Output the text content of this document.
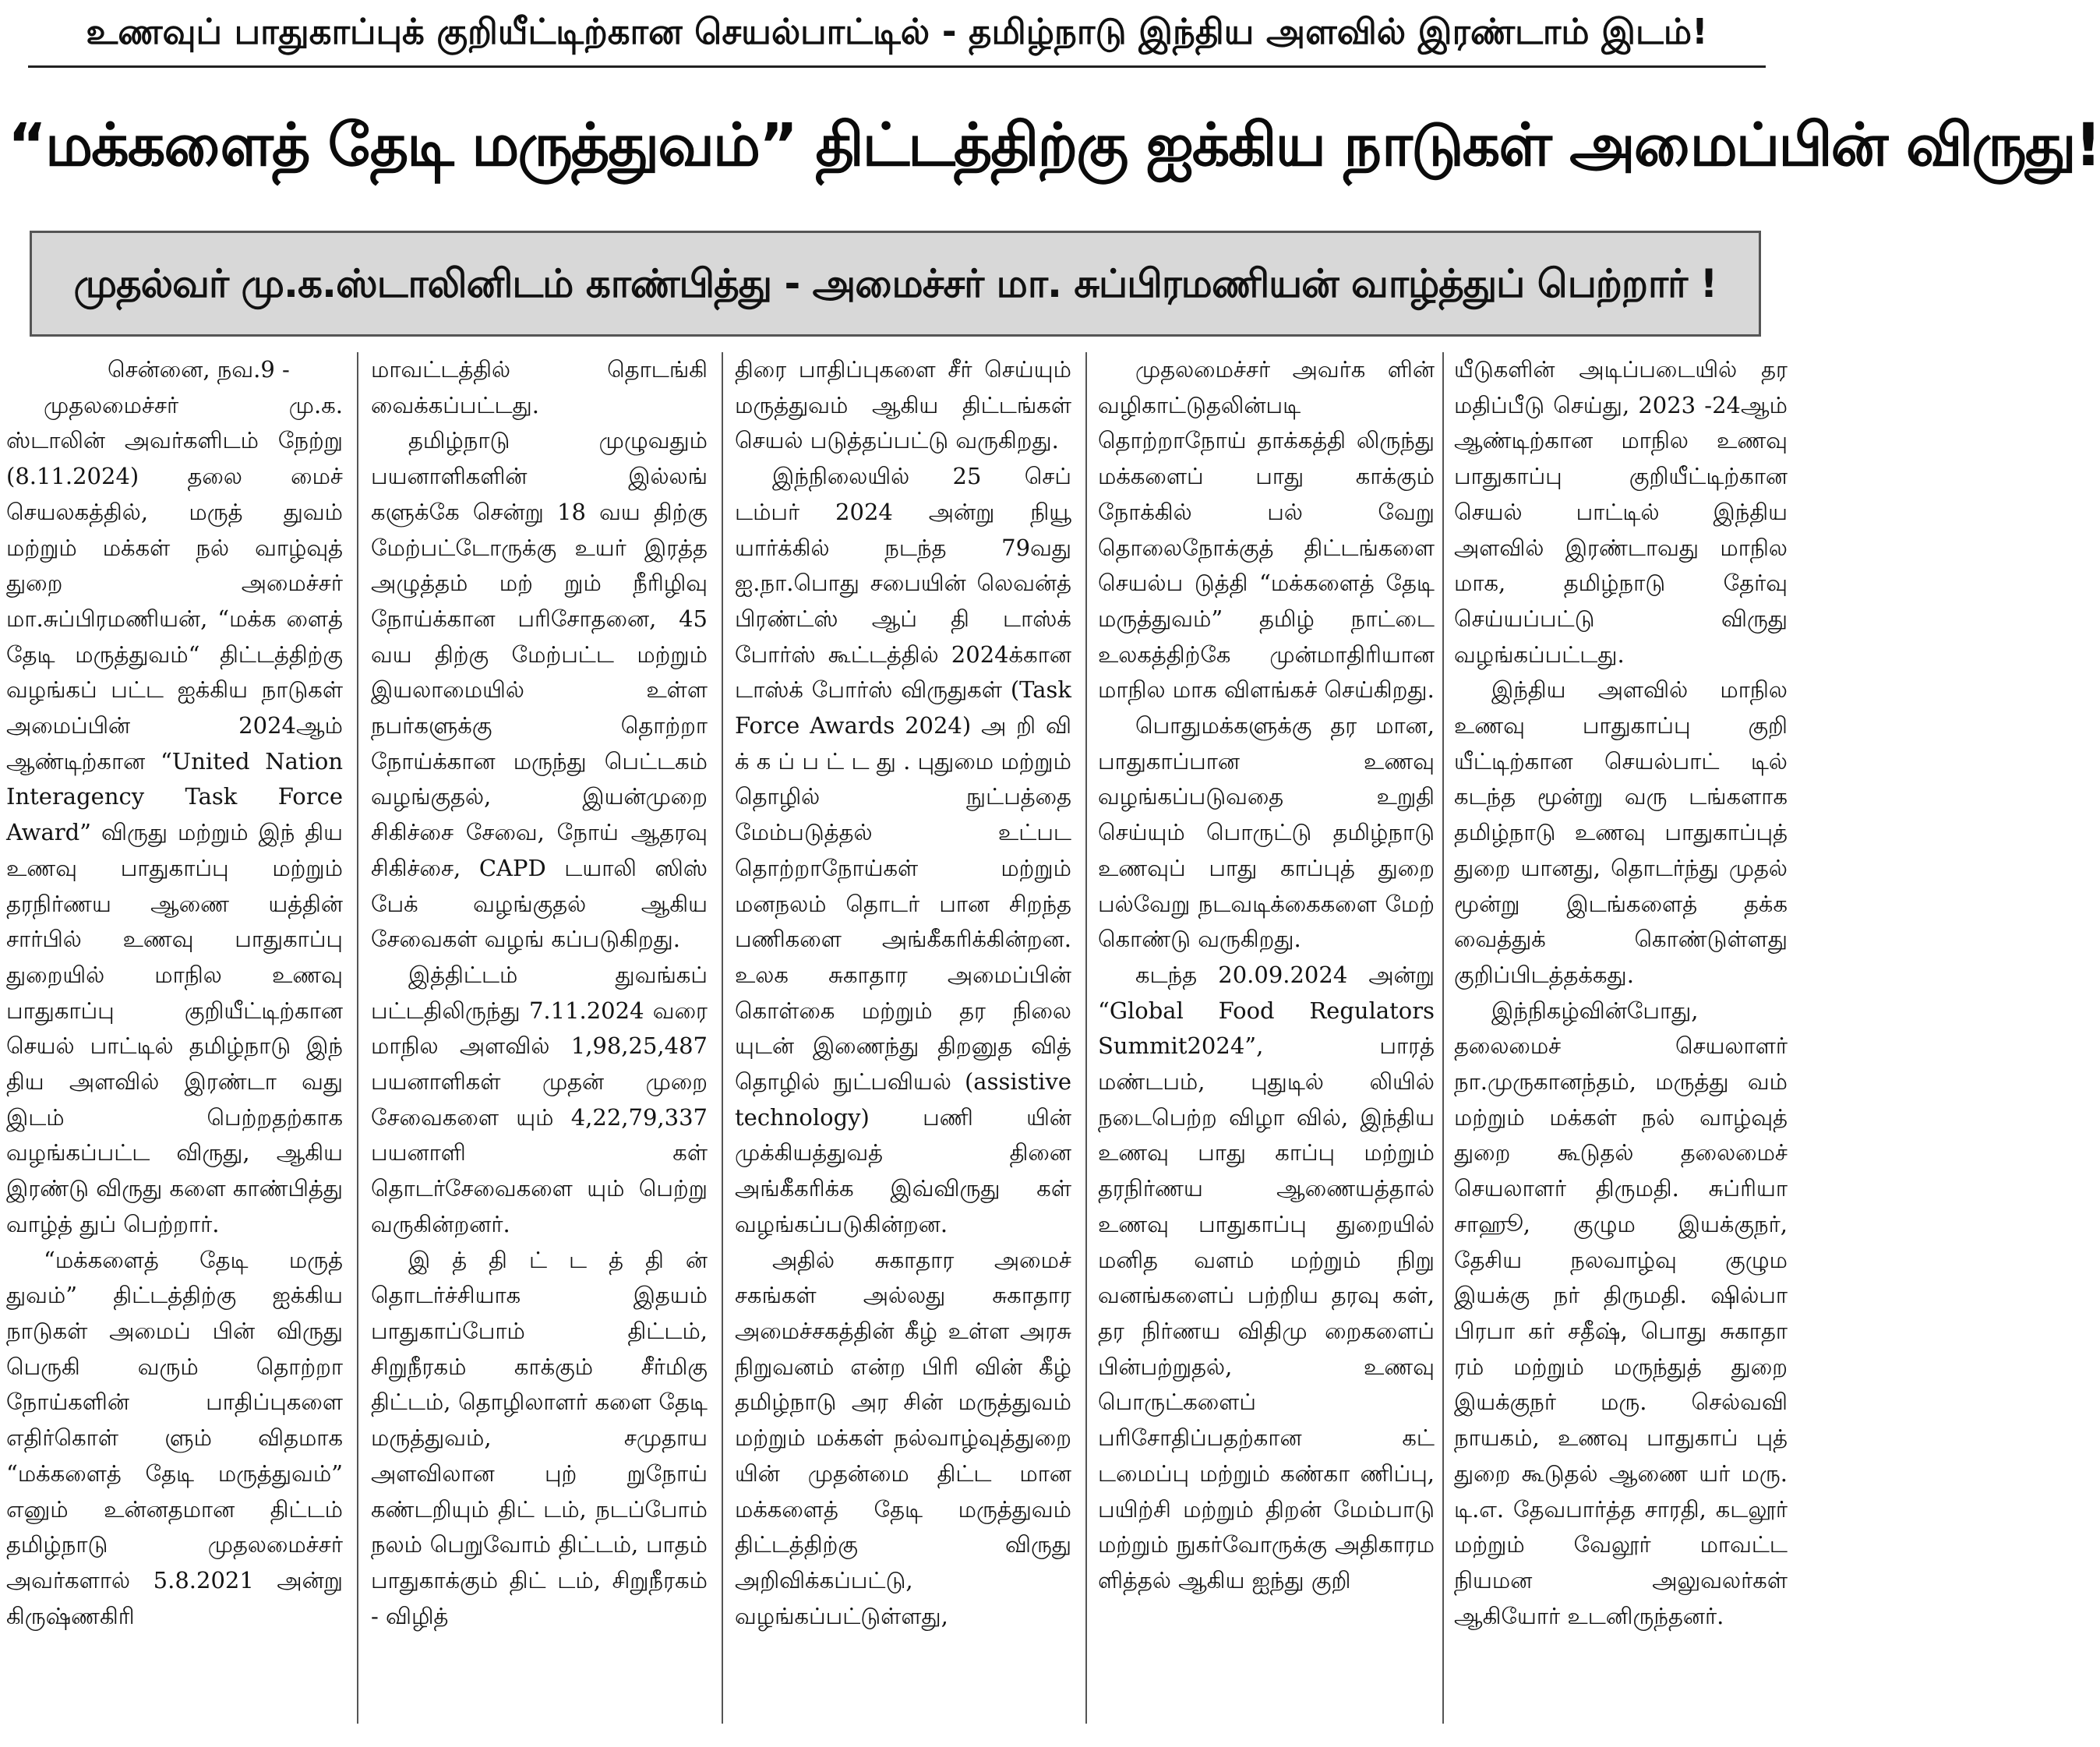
உணவுப் பாதுகாப்புக் குறியீட்டிற்கான செயல்பாட்டில் - தமிழ்நாடு இந்திய அளவில் இரண்டாம் இடம்!
“மக்களைத் தேடி மருத்துவம்” திட்டத்திற்கு ஐக்கிய நாடுகள் அமைப்பின் விருது!
முதல்வர் மு.க.ஸ்டாலினிடம் காண்பித்து - அமைச்சர் மா. சுப்பிரமணியன் வாழ்த்துப் பெற்றார் !

சென்னை, நவ.9 -

முதலமைச்சர் மு.க. ஸ்டாலின் அவர்களிடம் நேற்று (8.11.2024) தலை மைச் செயலகத்தில், மருத் துவம் மற்றும் மக்கள் நல் வாழ்வுத் துறை அமைச்சர் மா.சுப்பிரமணியன், “மக்க ளைத் தேடி மருத்துவம்“ திட்டத்திற்கு வழங்கப் பட்ட ஐக்கிய நாடுகள் அமைப்பின் 2024ஆம் ஆண்டிற்கான “United Nation Interagency Task Force Award” விருது மற்றும் இந் திய உணவு பாதுகாப்பு மற்றும் தரநிர்ணய ஆணை யத்தின் சார்பில் உணவு பாதுகாப்பு துறையில் மாநில உணவு பாதுகாப்பு குறியீட்டிற்கான செயல் பாட்டில் தமிழ்நாடு இந் திய அளவில் இரண்டா வது இடம் பெற்றதற்காக வழங்கப்பட்ட விருது, ஆகிய இரண்டு விருது களை காண்பித்து வாழ்த் துப் பெற்றார்.

“மக்களைத் தேடி மருத் துவம்” திட்டத்திற்கு ஐக்கிய நாடுகள் அமைப் பின் விருது பெருகி வரும் தொற்றா நோய்களின் பாதிப்புகளை எதிர்கொள் ளும் விதமாக “மக்களைத் தேடி மருத்துவம்” எனும் உன்னதமான திட்டம் தமிழ்நாடு முதலமைச்சர் அவர்களால் 5.8.2021 அன்று கிருஷ்ணகிரி

மாவட்டத்தில் தொடங்கி வைக்கப்பட்டது.

தமிழ்நாடு முழுவதும் பயனாளிகளின் இல்லங் களுக்கே சென்று 18 வய திற்கு மேற்பட்டோருக்கு உயர் இரத்த அழுத்தம் மற் றும் நீரிழிவு நோய்க்கான பரிசோதனை, 45 வய திற்கு மேற்பட்ட மற்றும் இயலாமையில் உள்ள நபர்களுக்கு தொற்றா நோய்க்கான மருந்து பெட்டகம் வழங்குதல், இயன்முறை சிகிச்சை சேவை, நோய் ஆதரவு சிகிச்சை, CAPD டயாலி ஸிஸ் பேக் வழங்குதல் ஆகிய சேவைகள் வழங் கப்படுகிறது.

இத்திட்டம் துவங்கப் பட்டதிலிருந்து 7.11.2024 வரை மாநில அளவில் 1,98,25,487 பயனாளிகள் முதன் முறை சேவைகளை யும் 4,22,79,337 பயனாளி கள் தொடர்சேவைகளை யும் பெற்று வருகின்றனர்.

இ த் தி ட் ட த் தி ன் தொடர்ச்சியாக இதயம் பாதுகாப்போம் திட்டம், சிறுநீரகம் காக்கும் சீர்மிகு திட்டம், தொழிலாளர் களை தேடி மருத்துவம், சமுதாய அளவிலான புற் றுநோய் கண்டறியும் திட் டம், நடப்போம் நலம் பெறுவோம் திட்டம், பாதம் பாதுகாக்கும் திட் டம், சிறுநீரகம் - விழித்

திரை பாதிப்புகளை சீர் செய்யும் மருத்துவம் ஆகிய திட்டங்கள் செயல் படுத்தப்பட்டு வருகிறது.

இந்நிலையில் 25 செப் டம்பர் 2024 அன்று நியூ யார்க்கில் நடந்த 79வது ஐ.நா.பொது சபையின் லெவன்த் பிரண்ட்ஸ் ஆப் தி டாஸ்க் போர்ஸ் கூட்டத்தில் 2024க்கான டாஸ்க் போர்ஸ் விருதுகள் (Task Force Awards 2024) அ றி வி க் க ப் ப ட் ட து . புதுமை மற்றும் தொழில் நுட்பத்தை மேம்படுத்தல் உட்பட தொற்றாநோய்கள் மற்றும் மனநலம் தொடர் பான சிறந்த பணிகளை அங்கீகரிக்கின்றன. உலக சுகாதார அமைப்பின் கொள்கை மற்றும் தர நிலை யுடன் இணைந்து திறனுத வித் தொழில் நுட்பவியல் (assistive technology) பணி யின் முக்கியத்துவத் தினை அங்கீகரிக்க இவ்விருது கள் வழங்கப்படுகின்றன.

அதில் சுகாதார அமைச் சகங்கள் அல்லது சுகாதார அமைச்சகத்தின் கீழ் உள்ள அரசு நிறுவனம் என்ற பிரி வின் கீழ் தமிழ்நாடு அர சின் மருத்துவம் மற்றும் மக்கள் நல்வாழ்வுத்துறை யின் முதன்மை திட்ட மான மக்களைத் தேடி மருத்துவம் திட்டத்திற்கு விருது அறிவிக்கப்பட்டு, வழங்கப்பட்டுள்ளது,

முதலமைச்சர் அவர்க ளின் வழிகாட்டுதலின்படி தொற்றாநோய் தாக்கத்தி லிருந்து மக்களைப் பாது காக்கும் நோக்கில் பல் வேறு தொலைநோக்குத் திட்டங்களை செயல்ப டுத்தி “மக்களைத் தேடி மருத்துவம்” தமிழ் நாட்டை உலகத்திற்கே முன்மாதிரியான மாநில மாக விளங்கச் செய்கிறது.

பொதுமக்களுக்கு தர மான, பாதுகாப்பான உணவு வழங்கப்படுவதை உறுதி செய்யும் பொருட்டு தமிழ்நாடு உணவுப் பாது காப்புத் துறை பல்வேறு நடவடிக்கைகளை மேற் கொண்டு வருகிறது.

கடந்த 20.09.2024 அன்று “Global Food Regulators Summit2024”, பாரத் மண்டபம், புதுடில் லியில் நடைபெற்ற விழா வில், இந்திய உணவு பாது காப்பு மற்றும் தரநிர்ணய ஆணையத்தால் உணவு பாதுகாப்பு துறையில் மனித வளம் மற்றும் நிறு வனங்களைப் பற்றிய தரவு கள், தர நிர்ணய விதிமு றைகளைப் பின்பற்றுதல், உணவு பொருட்களைப் பரிசோதிப்பதற்கான கட் டமைப்பு மற்றும் கண்கா ணிப்பு, பயிற்சி மற்றும் திறன் மேம்பாடு மற்றும் நுகர்வோருக்கு அதிகாரம ளித்தல் ஆகிய ஐந்து குறி

யீடுகளின் அடிப்படையில் தர மதிப்பீடு செய்து, 2023 -24ஆம் ஆண்டிற்கான மாநில உணவு பாதுகாப்பு குறியீட்டிற்கான செயல் பாட்டில் இந்திய அளவில் இரண்டாவது மாநில மாக, தமிழ்நாடு தேர்வு செய்யப்பட்டு விருது வழங்கப்பட்டது.

இந்திய அளவில் மாநில உணவு பாதுகாப்பு குறி யீட்டிற்கான செயல்பாட் டில் கடந்த மூன்று வரு டங்களாக தமிழ்நாடு உணவு பாதுகாப்புத் துறை யானது, தொடர்ந்து முதல் மூன்று இடங்களைத் தக்க வைத்துக் கொண்டுள்ளது குறிப்பிடத்தக்கது.

இந்நிகழ்வின்போது, தலைமைச் செயலாளர் நா.முருகானந்தம், மருத்து வம் மற்றும் மக்கள் நல் வாழ்வுத் துறை கூடுதல் தலைமைச் செயலாளர் திருமதி. சுப்ரியா சாஹூ, குழும இயக்குநர், தேசிய நலவாழ்வு குழும இயக்கு நர் திருமதி. ஷில்பா பிரபா கர் சதீஷ், பொது சுகாதா ரம் மற்றும் மருந்துத் துறை இயக்குநர் மரு. செல்வவி நாயகம், உணவு பாதுகாப் புத் துறை கூடுதல் ஆணை யர் மரு. டி.எ. தேவபார்த்த சாரதி, கடலூர் மற்றும் வேலூர் மாவட்ட நியமன அலுவலர்கள் ஆகியோர் உடனிருந்தனர்.
